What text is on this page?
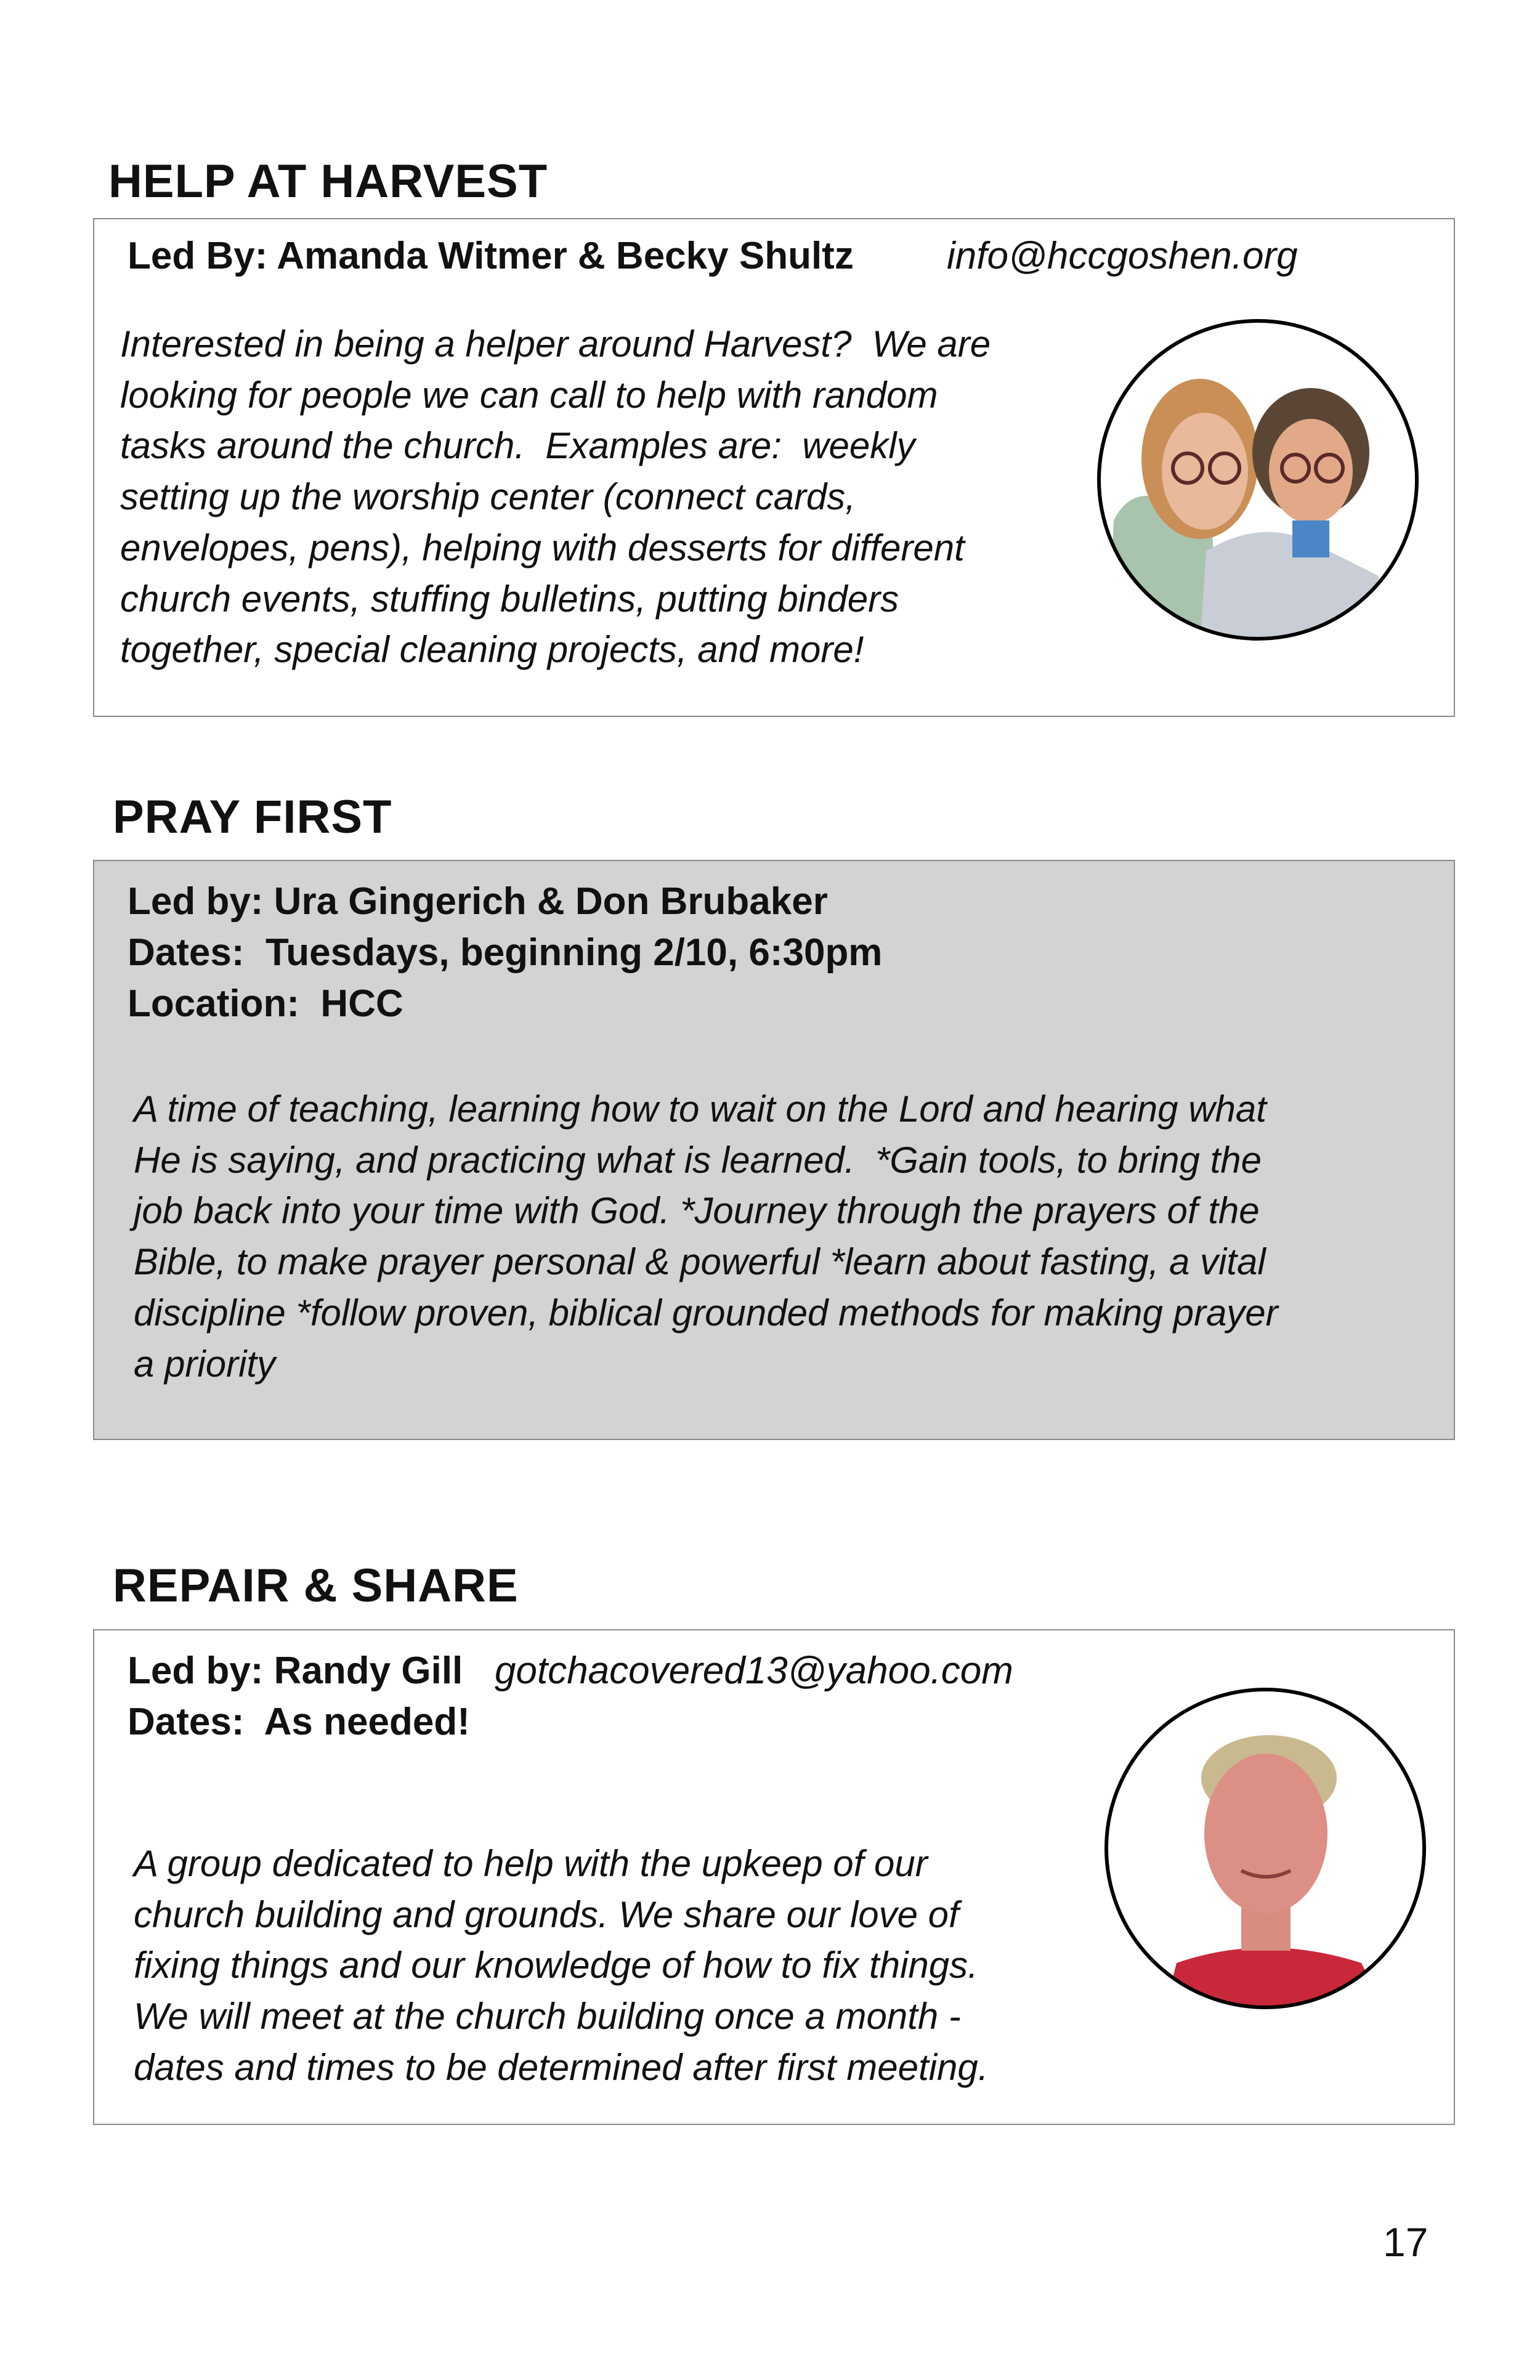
HELP AT HARVEST
Led By: Amanda Witmer & Becky Shultz info@hccgoshen.org
Interested in being a helper around Harvest?  We are
looking for people we can call to help with random
tasks around the church.  Examples are:  weekly
setting up the worship center (connect cards,
envelopes, pens), helping with desserts for different
church events, stuffing bulletins, putting binders
together, special cleaning projects, and more!
PRAY FIRST
Led by: Ura Gingerich & Don Brubaker
Dates:  Tuesdays, beginning 2/10, 6:30pm
Location:  HCC
A time of teaching, learning how to wait on the Lord and hearing what
He is saying, and practicing what is learned.  *Gain tools, to bring the
job back into your time with God. *Journey through the prayers of the
Bible, to make prayer personal & powerful *learn about fasting, a vital
discipline *follow proven, biblical grounded methods for making prayer
a priority
REPAIR & SHARE
Led by: Randy Gill gotchacovered13@yahoo.com
Dates:  As needed!
A group dedicated to help with the upkeep of our
church building and grounds. We share our love of
fixing things and our knowledge of how to fix things.
We will meet at the church building once a month -
dates and times to be determined after first meeting.
17
